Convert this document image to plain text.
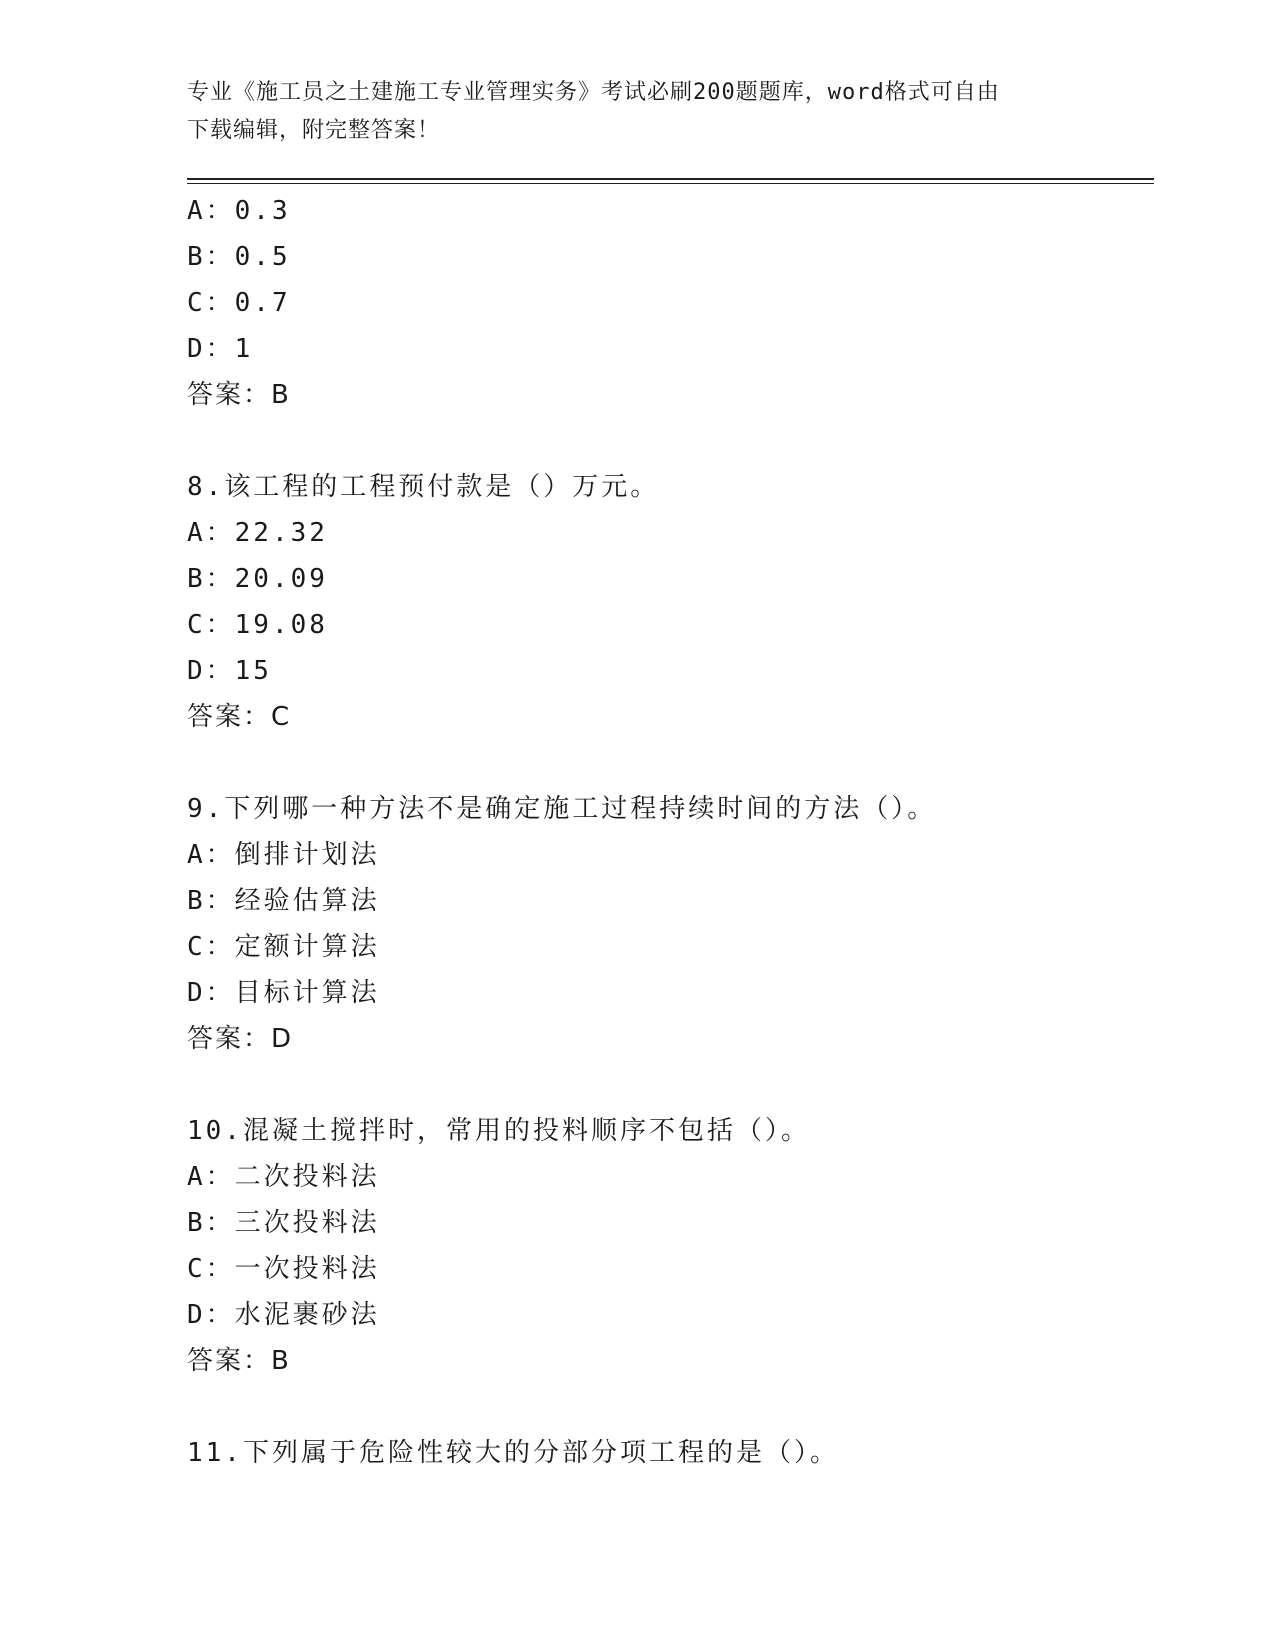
专业《施工员之土建施工专业管理实务》考试必刷200题题库，word格式可自由
下载编辑，附完整答案！
A：0.3
B：0.5
C：0.7
D：1
答案：B
8.该工程的工程预付款是（）万元。
A：22.32
B：20.09
C：19.08
D：15
答案：C
9.下列哪一种方法不是确定施工过程持续时间的方法（）。
A：倒排计划法
B：经验估算法
C：定额计算法
D：目标计算法
答案：D
10.混凝土搅拌时，常用的投料顺序不包括（）。
A：二次投料法
B：三次投料法
C：一次投料法
D：水泥裹砂法
答案：B
11.下列属于危险性较大的分部分项工程的是（）。
